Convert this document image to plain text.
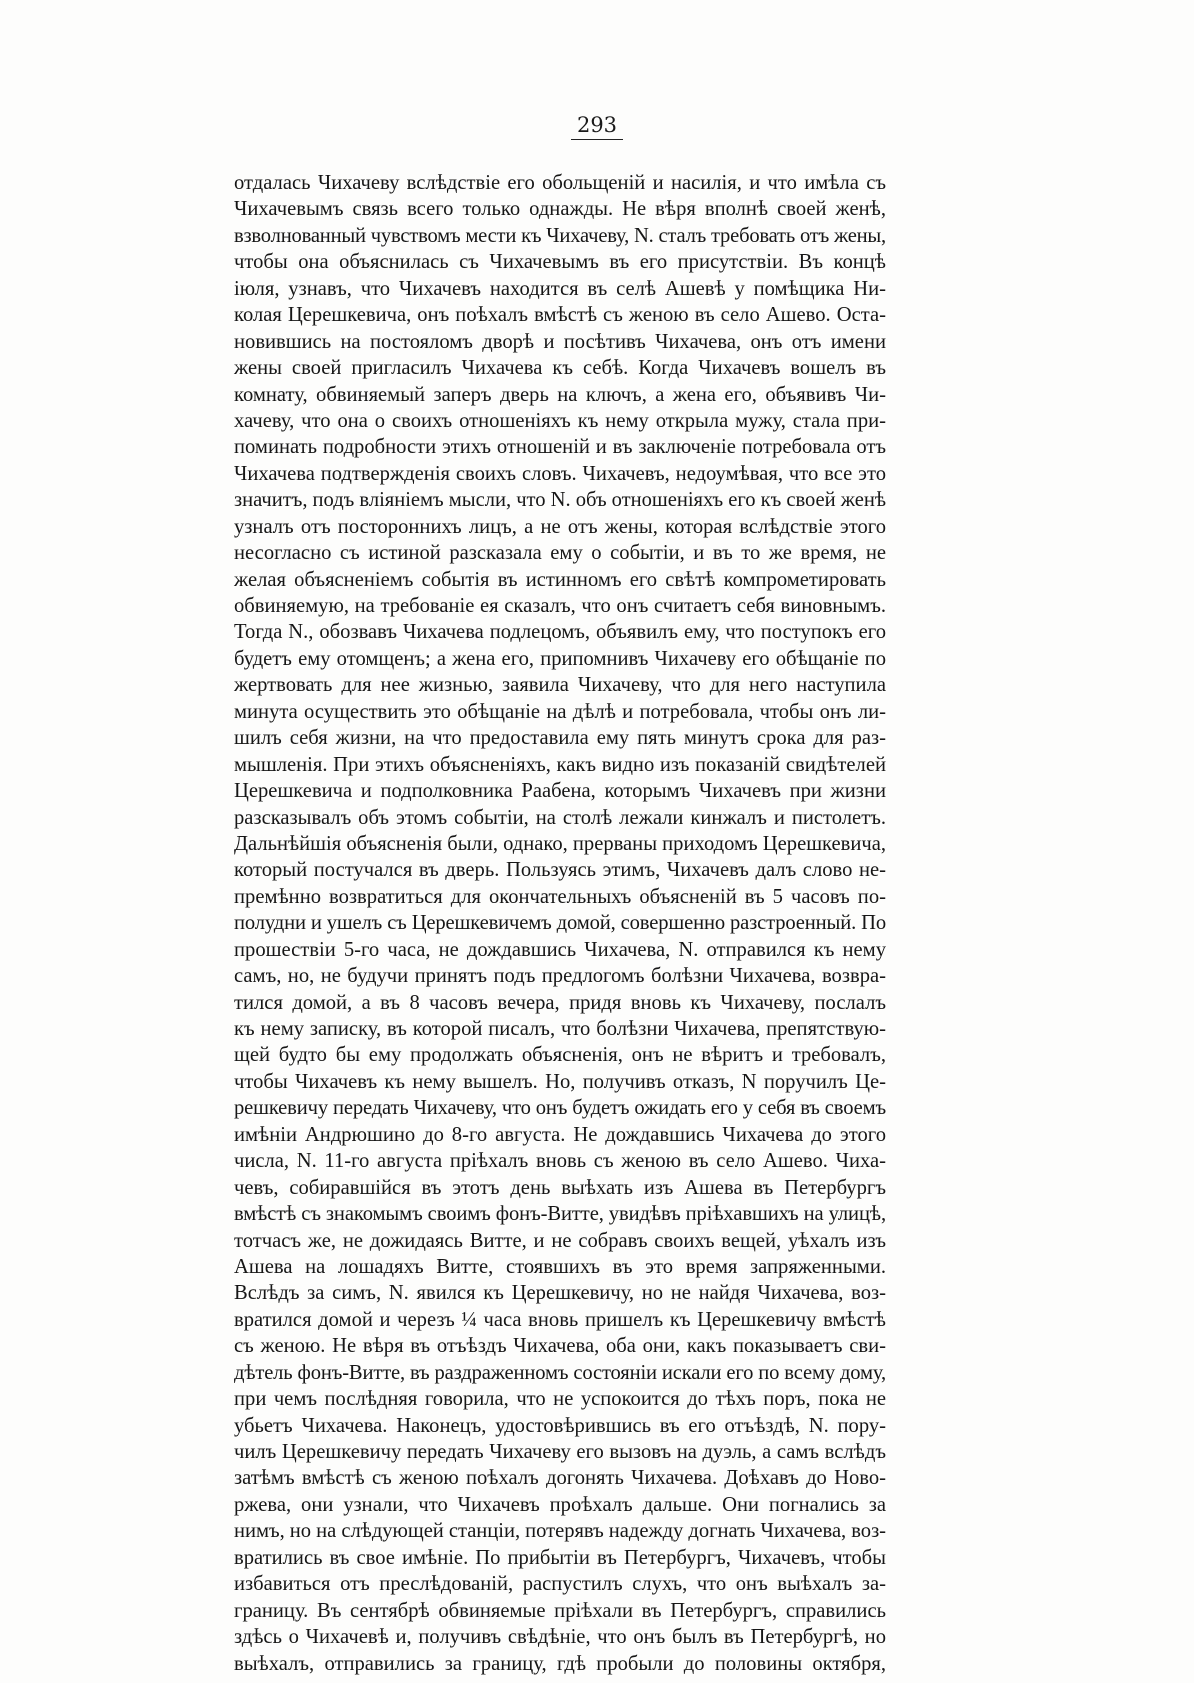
293
отдалась Чихачеву вслѣдствіе его обольщеній и насилія, и что имѣла съ
Чихачевымъ связь всего только однажды. Не вѣря вполнѣ своей женѣ,
взволнованный чувствомъ мести къ Чихачеву, N. сталъ требовать отъ жены,
чтобы она объяснилась съ Чихачевымъ въ его присутствіи. Въ концѣ
іюля, узнавъ, что Чихачевъ находится въ селѣ Ашевѣ у помѣщика Ни-
колая Церешкевича, онъ поѣхалъ вмѣстѣ съ женою въ село Ашево. Оста-
новившись на постояломъ дворѣ и посѣтивъ Чихачева, онъ отъ имени
жены своей пригласилъ Чихачева къ себѣ. Когда Чихачевъ вошелъ въ
комнату, обвиняемый заперъ дверь на ключъ, а жена его, объявивъ Чи-
хачеву, что она о своихъ отношеніяхъ къ нему открыла мужу, стала при-
поминать подробности этихъ отношеній и въ заключеніе потребовала отъ
Чихачева подтвержденія своихъ словъ. Чихачевъ, недоумѣвая, что все это
значитъ, подъ вліяніемъ мысли, что N. объ отношеніяхъ его къ своей женѣ
узналъ отъ постороннихъ лицъ, а не отъ жены, которая вслѣдствіе этого
несогласно съ истиной разсказала ему о событіи, и въ то же время, не
желая объясненіемъ событія въ истинномъ его свѣтѣ компрометировать
обвиняемую, на требованіе ея сказалъ, что онъ считаетъ себя виновнымъ.
Тогда N., обозвавъ Чихачева подлецомъ, объявилъ ему, что поступокъ его
будетъ ему отомщенъ; а жена его, припомнивъ Чихачеву его обѣщаніе по
жертвовать для нее жизнью, заявила Чихачеву, что для него наступила
минута осуществить это обѣщаніе на дѣлѣ и потребовала, чтобы онъ ли-
шилъ себя жизни, на что предоставила ему пять минутъ срока для раз-
мышленія. При этихъ объясненіяхъ, какъ видно изъ показаній свидѣтелей
Церешкевича и подполковника Раабена, которымъ Чихачевъ при жизни
разсказывалъ объ этомъ событіи, на столѣ лежали кинжалъ и пистолетъ.
Дальнѣйшія объясненія были, однако, прерваны приходомъ Церешкевича,
который постучался въ дверь. Пользуясь этимъ, Чихачевъ далъ слово не-
премѣнно возвратиться для окончательныхъ объясненій въ 5 часовъ по-
полудни и ушелъ съ Церешкевичемъ домой, совершенно разстроенный. По
прошествіи 5-го часа, не дождавшись Чихачева, N. отправился къ нему
самъ, но, не будучи принятъ подъ предлогомъ болѣзни Чихачева, возвра-
тился домой, а въ 8 часовъ вечера, придя вновь къ Чихачеву, послалъ
къ нему записку, въ которой писалъ, что болѣзни Чихачева, препятствую-
щей будто бы ему продолжать объясненія, онъ не вѣритъ и требовалъ,
чтобы Чихачевъ къ нему вышелъ. Но, получивъ отказъ, N поручилъ Це-
решкевичу передать Чихачеву, что онъ будетъ ожидать его у себя въ своемъ
имѣніи Андрюшино до 8-го августа. Не дождавшись Чихачева до этого
числа, N. 11-го августа пріѣхалъ вновь съ женою въ село Ашево. Чиха-
чевъ, собиравшійся въ этотъ день выѣхать изъ Ашева въ Петербургъ
вмѣстѣ съ знакомымъ своимъ фонъ-Витте, увидѣвъ пріѣхавшихъ на улицѣ,
тотчасъ же, не дожидаясь Витте, и не собравъ своихъ вещей, уѣхалъ изъ
Ашева на лошадяхъ Витте, стоявшихъ въ это время запряженными.
Вслѣдъ за симъ, N. явился къ Церешкевичу, но не найдя Чихачева, воз-
вратился домой и черезъ ¼ часа вновь пришелъ къ Церешкевичу вмѣстѣ
съ женою. Не вѣря въ отъѣздъ Чихачева, оба они, какъ показываетъ сви-
дѣтель фонъ-Витте, въ раздраженномъ состояніи искали его по всему дому,
при чемъ послѣдняя говорила, что не успокоится до тѣхъ поръ, пока не
убьетъ Чихачева. Наконецъ, удостовѣрившись въ его отъѣздѣ, N. пору-
чилъ Церешкевичу передать Чихачеву его вызовъ на дуэль, а самъ вслѣдъ
затѣмъ вмѣстѣ съ женою поѣхалъ догонять Чихачева. Доѣхавъ до Ново-
ржева, они узнали, что Чихачевъ проѣхалъ дальше. Они погнались за
нимъ, но на слѣдующей станціи, потерявъ надежду догнать Чихачева, воз-
вратились въ свое имѣніе. По прибытіи въ Петербургъ, Чихачевъ, чтобы
избавиться отъ преслѣдованій, распустилъ слухъ, что онъ выѣхалъ за-
границу. Въ сентябрѣ обвиняемые пріѣхали въ Петербургъ, справились
здѣсь о Чихачевѣ и, получивъ свѣдѣніе, что онъ былъ въ Петербургѣ, но
выѣхалъ, отправились за границу, гдѣ пробыли до половины октября,
